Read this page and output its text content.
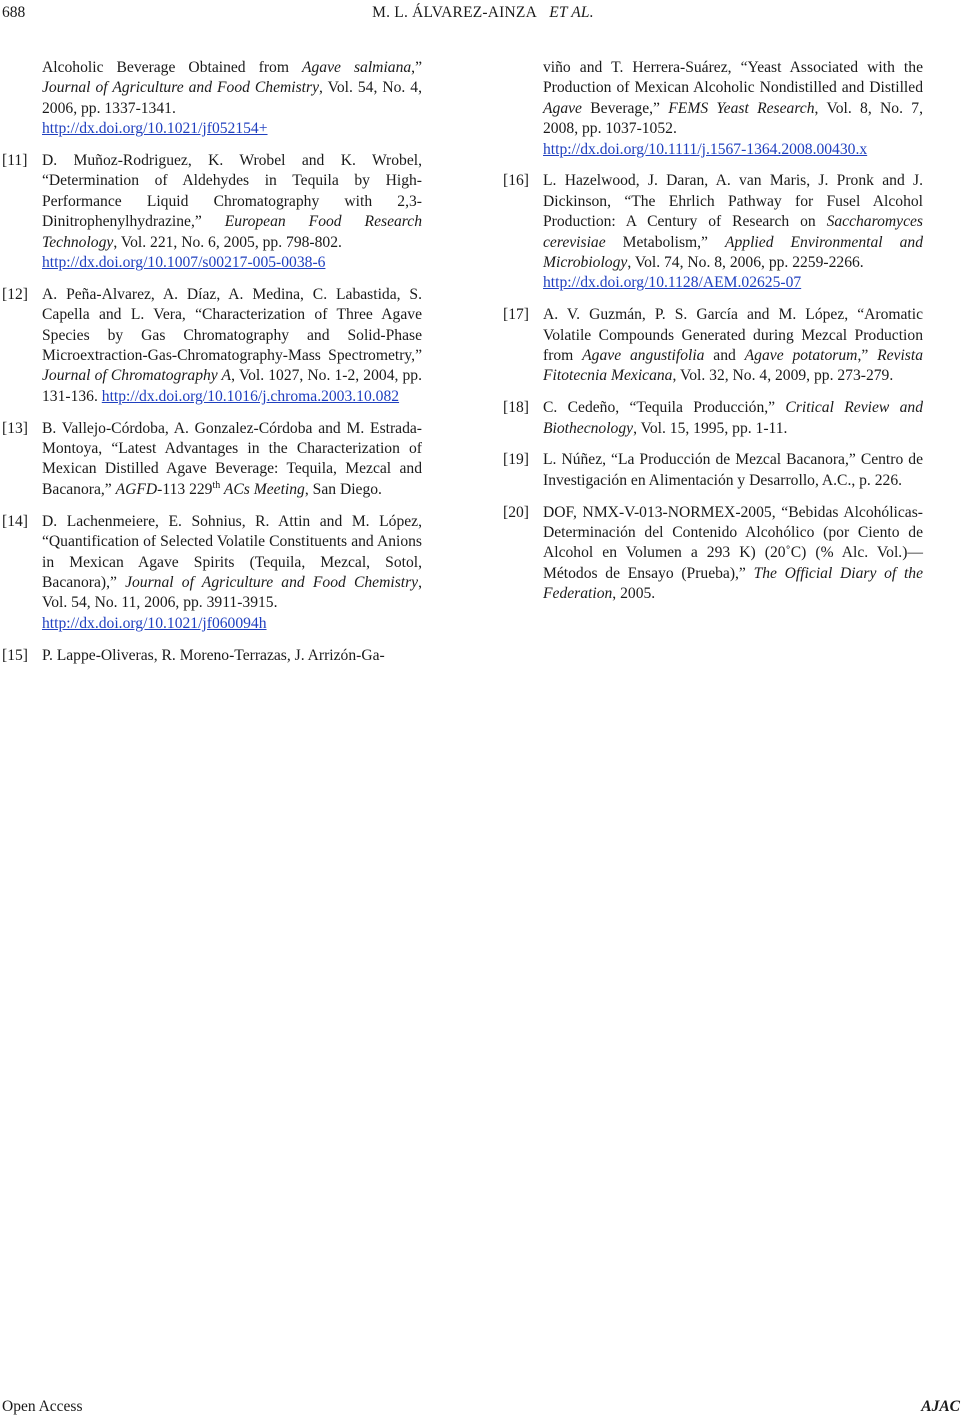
688	M. L. ÁLVAREZ-AINZA ET AL.
Alcoholic Beverage Obtained from Agave salmiana,” Journal of Agriculture and Food Chemistry, Vol. 54, No. 4, 2006, pp. 1337-1341.
http://dx.doi.org/10.1021/jf052154+
[11] D. Muñoz-Rodriguez, K. Wrobel and K. Wrobel, “Determination of Aldehydes in Tequila by High-Performance Liquid Chromatography with 2,3-Dinitrophenylhydrazine,” European Food Research Technology, Vol. 221, No. 6, 2005, pp. 798-802.
http://dx.doi.org/10.1007/s00217-005-0038-6
[12] A. Peña-Alvarez, A. Díaz, A. Medina, C. Labastida, S. Capella and L. Vera, “Characterization of Three Agave Species by Gas Chromatography and Solid-Phase Microextraction-Gas-Chromatography-Mass Spectrometry,” Journal of Chromatography A, Vol. 1027, No. 1-2, 2004, pp. 131-136. http://dx.doi.org/10.1016/j.chroma.2003.10.082
[13] B. Vallejo-Córdoba, A. Gonzalez-Córdoba and M. Estrada-Montoya, “Latest Advantages in the Characterization of Mexican Distilled Agave Beverage: Tequila, Mezcal and Bacanora,” AGFD-113 229th ACs Meeting, San Diego.
[14] D. Lachenmeiere, E. Sohnius, R. Attin and M. López, “Quantification of Selected Volatile Constituents and Anions in Mexican Agave Spirits (Tequila, Mezcal, Sotol, Bacanora),” Journal of Agriculture and Food Chemistry, Vol. 54, No. 11, 2006, pp. 3911-3915.
http://dx.doi.org/10.1021/jf060094h
[15] P. Lappe-Oliveras, R. Moreno-Terrazas, J. Arrizón-Ga-
viño and T. Herrera-Suárez, “Yeast Associated with the Production of Mexican Alcoholic Nondistilled and Distilled Agave Beverage,” FEMS Yeast Research, Vol. 8, No. 7, 2008, pp. 1037-1052.
http://dx.doi.org/10.1111/j.1567-1364.2008.00430.x
[16] L. Hazelwood, J. Daran, A. van Maris, J. Pronk and J. Dickinson, “The Ehrlich Pathway for Fusel Alcohol Production: A Century of Research on Saccharomyces cerevisiae Metabolism,” Applied Environmental and Microbiology, Vol. 74, No. 8, 2006, pp. 2259-2266.
http://dx.doi.org/10.1128/AEM.02625-07
[17] A. V. Guzmán, P. S. García and M. López, “Aromatic Volatile Compounds Generated during Mezcal Production from Agave angustifolia and Agave potatorum,” Revista Fitotecnia Mexicana, Vol. 32, No. 4, 2009, pp. 273-279.
[18] C. Cedeño, “Tequila Producción,” Critical Review and Biothecnology, Vol. 15, 1995, pp. 1-11.
[19] L. Núñez, “La Producción de Mezcal Bacanora,” Centro de Investigación en Alimentación y Desarrollo, A.C., p. 226.
[20] DOF, NMX-V-013-NORMEX-2005, “Bebidas Alcohólicas-Determinación del Contenido Alcohólico (por Ciento de Alcohol en Volumen a 293 K) (20˚C) (% Alc. Vol.)—Métodos de Ensayo (Prueba),” The Official Diary of the Federation, 2005.
Open Access	AJAC
